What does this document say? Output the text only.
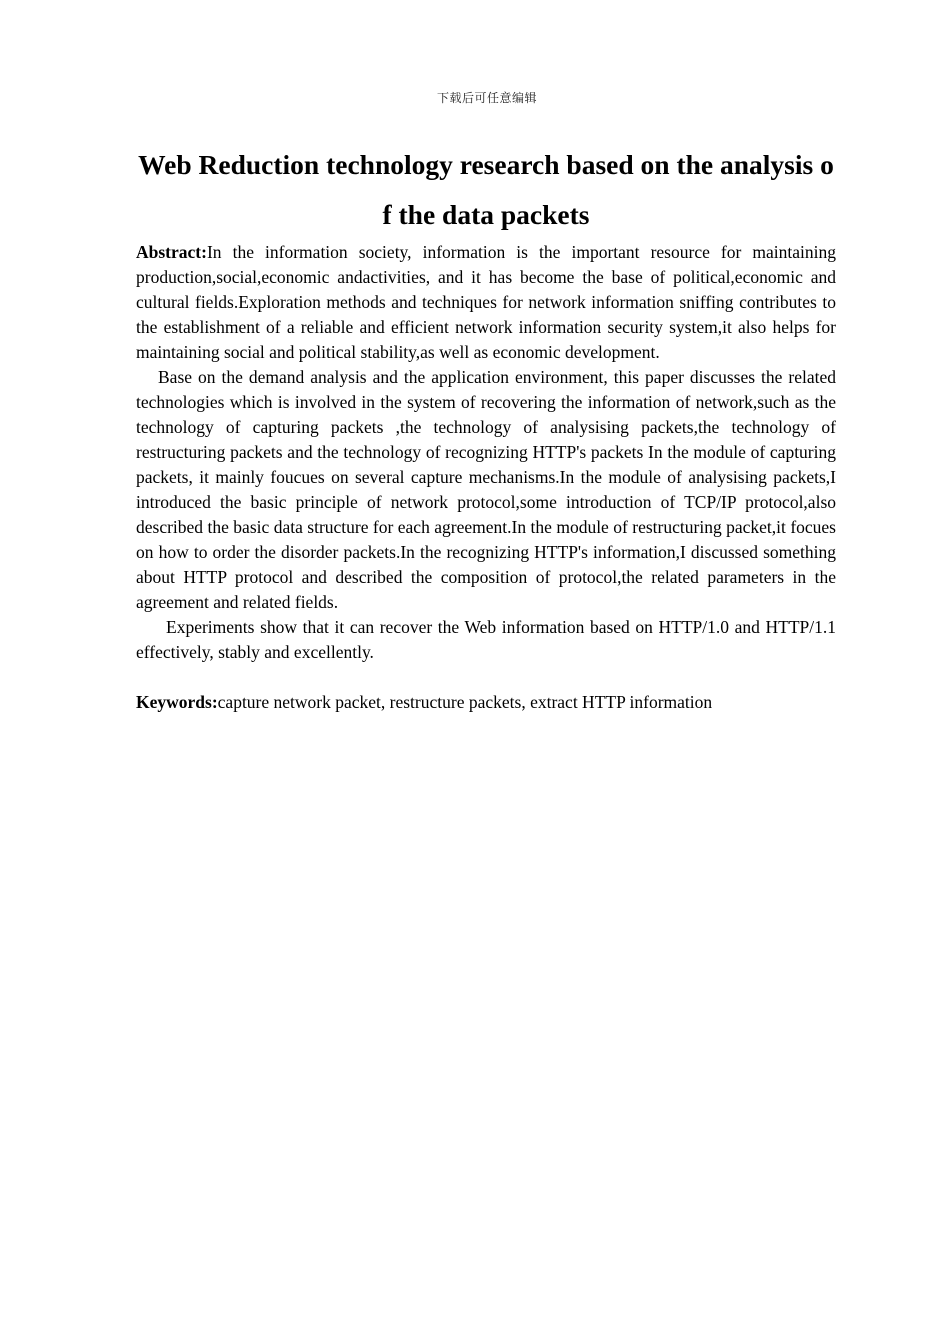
下载后可任意编辑
Web Reduction technology research based on the analysis of the data packets

Abstract:In the information society, information is the important resource for maintaining production,social,economic andactivities, and it has become the base of political,economic and cultural fields.Exploration methods and techniques for network information sniffing contributes to the establishment of a reliable and efficient network information security system,it also helps for maintaining social and political stability,as well as economic development.

Base on the demand analysis and the application environment, this paper discusses the related technologies which is involved in the system of recovering the information of network,such as the technology of capturing packets ,the technology of analysising packets,the technology of restructuring packets and the technology of recognizing HTTP's packets In the module of capturing packets, it mainly foucues on several capture mechanisms.In the module of analysising packets,I introduced the basic principle of network protocol,some introduction of TCP/IP protocol,also described the basic data structure for each agreement.In the module of restructuring packet,it focues on how to order the disorder packets.In the recognizing HTTP's information,I discussed something about HTTP protocol and described the composition of protocol,the related parameters in the agreement and related fields.

Experiments show that it can recover the Web information based on HTTP/1.0 and HTTP/1.1 effectively, stably and excellently.

Keywords:capture network packet, restructure packets, extract HTTP information
